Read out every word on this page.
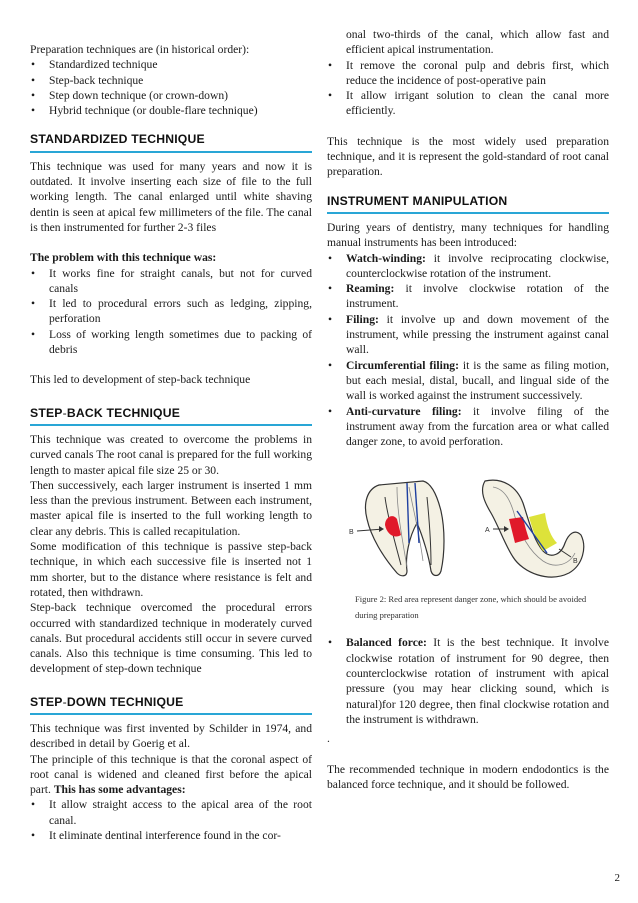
Preparation techniques are (in historical order):

• Standardized technique
• Step-back technique
• Step down technique (or crown-down)
• Hybrid technique (or double-flare technique)
STANDARDIZED TECHNIQUE

This technique was used for many years and now it is outdated. It involve inserting each size of file to the full working length. The canal enlarged until white shaving dentin is seen at apical few millimeters of the file. The canal is then instrumented for further 2-3 files

The problem with this technique was:

• It works fine for straight canals, but not for curved canals
• It led to procedural errors such as ledging, zipping, perforation
• Loss of working length sometimes due to packing of debris

This led to development of step-back technique

STEP-BACK TECHNIQUE

This technique was created to overcome the problems in curved canals The root canal is prepared for the full working length to master apical file size 25 or 30.

Then successively, each larger instrument is inserted 1 mm less than the previous instrument. Between each instrument, master apical file is inserted to the full working length to clear any debris. This is called recapitulation.

Some modification of this technique is passive step-back technique, in which each successive file is inserted not 1 mm shorter, but to the distance where resistance is felt and rotated, then withdrawn.

Step-back technique overcomed the procedural errors occurred with standardized technique in moderately curved canals. But procedural accidents still occur in severe curved canals. Also this technique is time consuming. This led to development of step-down technique

STEP-DOWN TECHNIQUE

This technique was first invented by Schilder in 1974, and described in detail by Goerig et al.

The principle of this technique is that the coronal aspect of root canal is widened and cleaned first before the apical part. This has some advantages:

• It allow straight access to the apical area of the root canal.
• It eliminate dentinal interference found in the cor-
onal two-thirds of the canal, which allow fast and efficient apical instrumentation.
• It remove the coronal pulp and debris first, which reduce the incidence of post-operative pain
• It allow irrigant solution to clean the canal more efficiently.

This technique is the most widely used preparation technique, and it is represent the gold-standard of root canal preparation.

INSTRUMENT MANIPULATION

During years of dentistry, many techniques for handling manual instruments has been introduced:

• Watch-winding: it involve reciprocating clockwise, counterclockwise rotation of the instrument.
• Reaming: it involve clockwise rotation of the instrument.
• Filing: it involve up and down movement of the instrument, while pressing the instrument against canal wall.
• Circumferential filing: it is the same as filing motion, but each mesial, distal, bucall, and lingual side of the wall is worked against the instrument successively.
• Anti-curvature filing: it involve filing of the instrument away from the furcation area or what called danger zone, to avoid perforation.
B	A
B
Figure 2: Red area represent danger zone, which should be avoided during preparation
• Balanced force: It is the best technique. It involve clockwise rotation of instrument for 90 degree, then counterclockwise rotation of instrument with apical pressure (you may hear clicking sound, which is natural)for 120 degree, then final clockwise rotation and the instrument is withdrawn.

.

The recommended technique in modern endodontics is the balanced force technique, and it should be followed.

2
